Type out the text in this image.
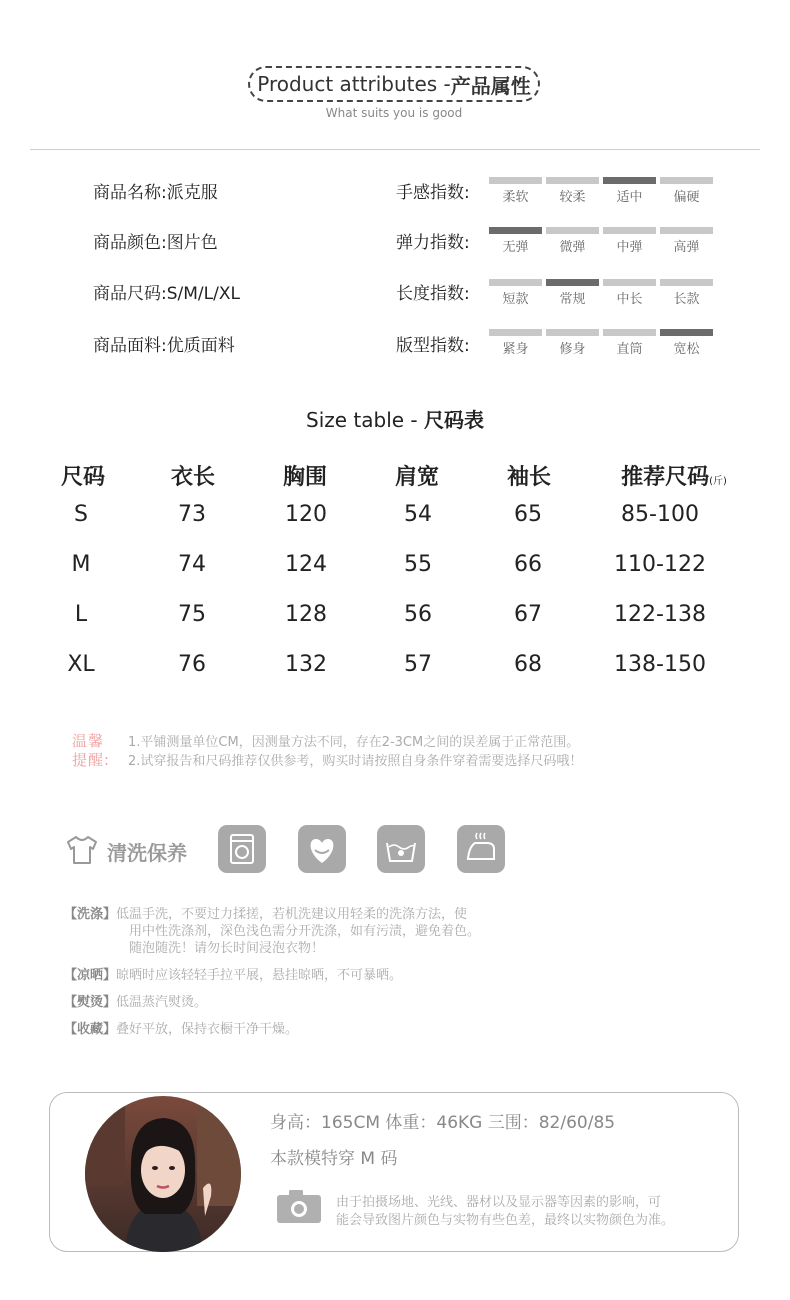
Product attributes - 产品属性
What suits you is good
商品名称:派克服
商品颜色:图片色
商品尺码:S/M/L/XL
商品面料:优质面料
手感指数:	柔软	较柔	适中	偏硬
弹力指数:	无弹	微弹	中弹	高弹
长度指数:	短款	常规	中长	长款
版型指数:	紧身	修身	直筒	宽松
Size table - 尺码表
尺码	衣长	胸围	肩宽	袖长	推荐尺码(斤)
S	73	120	54	65	85-100
M	74	124	55	66	110-122
L	75	128	56	67	122-138
XL	76	132	57	68	138-150
温馨
提醒:
1.平铺测量单位CM，因测量方法不同，存在2-3CM之间的误差属于正常范围。
2.试穿报告和尺码推荐仅供参考，购买时请按照自身条件穿着需要选择尺码哦！
清洗保养
【洗涤】低温手洗，不要过力揉搓，若机洗建议用轻柔的洗涤方法，使
用中性洗涤剂，深色浅色需分开洗涤，如有污渍，避免着色。
随泡随洗！请勿长时间浸泡衣物！
【凉晒】晾晒时应该轻轻手拉平展，悬挂晾晒，不可暴晒。
【熨烫】低温蒸汽熨烫。
【收藏】叠好平放，保持衣橱干净干燥。
身高：165CM 体重：46KG 三围：82/60/85
本款模特穿 M 码
由于拍摄场地、光线、器材以及显示器等因素的影响，可
能会导致图片颜色与实物有些色差，最终以实物颜色为准。
